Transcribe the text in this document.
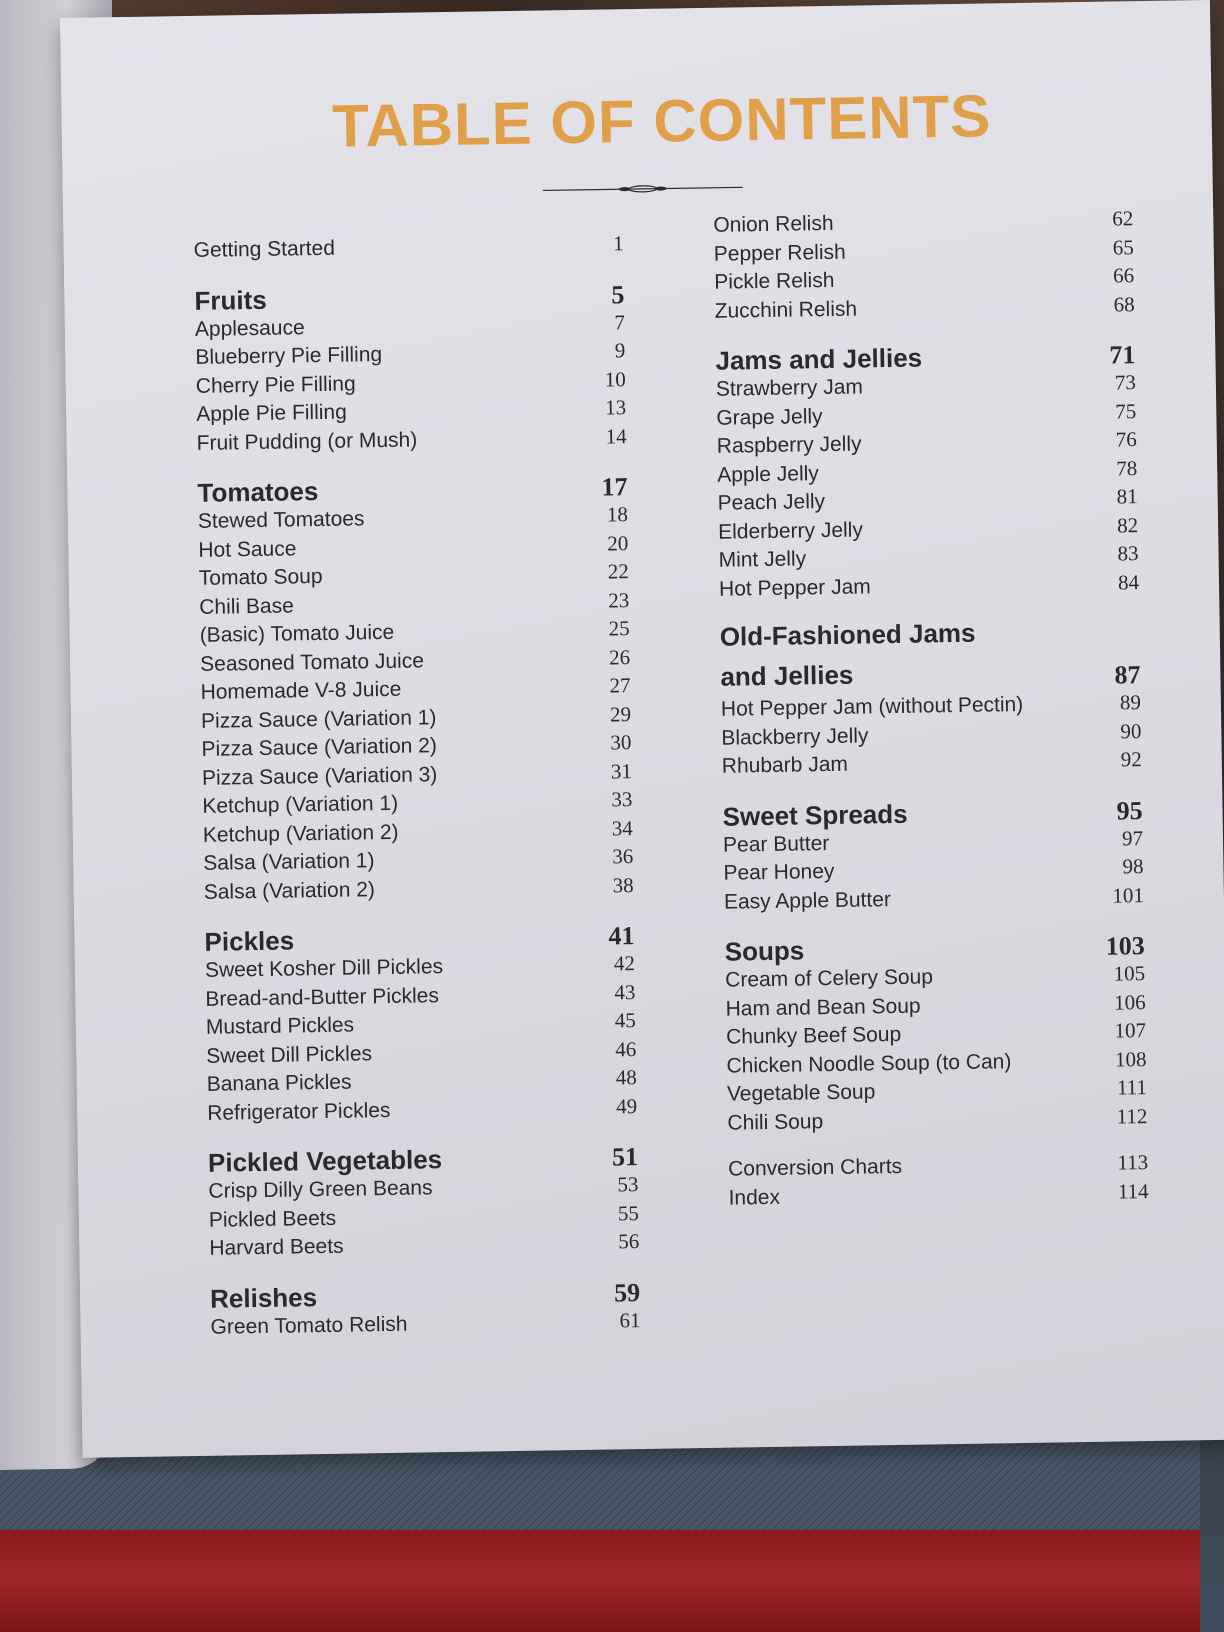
TABLE OF CONTENTS
Getting Started	1
Fruits	5
Applesauce	7
Blueberry Pie Filling	9
Cherry Pie Filling	10
Apple Pie Filling	13
Fruit Pudding (or Mush)	14
Tomatoes	17
Stewed Tomatoes	18
Hot Sauce	20
Tomato Soup	22
Chili Base	23
(Basic) Tomato Juice	25
Seasoned Tomato Juice	26
Homemade V-8 Juice	27
Pizza Sauce (Variation 1)	29
Pizza Sauce (Variation 2)	30
Pizza Sauce (Variation 3)	31
Ketchup (Variation 1)	33
Ketchup (Variation 2)	34
Salsa (Variation 1)	36
Salsa (Variation 2)	38
Pickles	41
Sweet Kosher Dill Pickles	42
Bread-and-Butter Pickles	43
Mustard Pickles	45
Sweet Dill Pickles	46
Banana Pickles	48
Refrigerator Pickles	49
Pickled Vegetables	51
Crisp Dilly Green Beans	53
Pickled Beets	55
Harvard Beets	56
Relishes	59
Green Tomato Relish	61
Onion Relish	62
Pepper Relish	65
Pickle Relish	66
Zucchini Relish	68
Jams and Jellies	71
Strawberry Jam	73
Grape Jelly	75
Raspberry Jelly	76
Apple Jelly	78
Peach Jelly	81
Elderberry Jelly	82
Mint Jelly	83
Hot Pepper Jam	84
Old-Fashioned Jams and Jellies	87
Hot Pepper Jam (without Pectin)	89
Blackberry Jelly	90
Rhubarb Jam	92
Sweet Spreads	95
Pear Butter	97
Pear Honey	98
Easy Apple Butter	101
Soups	103
Cream of Celery Soup	105
Ham and Bean Soup	106
Chunky Beef Soup	107
Chicken Noodle Soup (to Can)	108
Vegetable Soup	111
Chili Soup	112
Conversion Charts	113
Index	114
